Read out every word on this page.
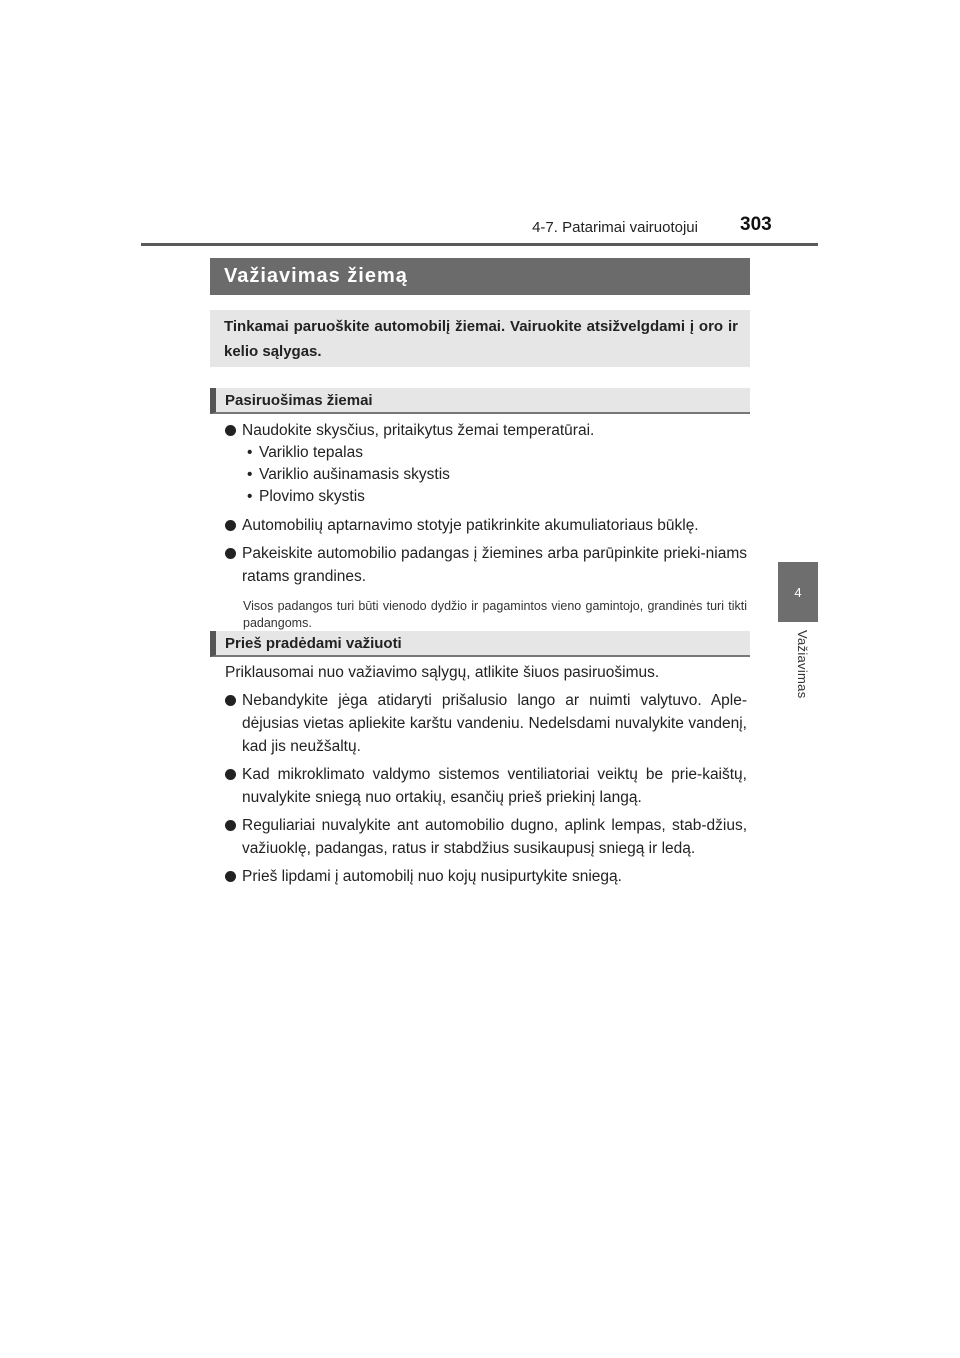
4-7. Patarimai vairuotojui 303
4
Važiavimas
Važiavimas žiemą
Tinkamai paruoškite automobilį žiemai. Vairuokite atsižvelgdami į oro ir kelio sąlygas.
Pasiruošimas žiemai
Naudokite skysčius, pritaikytus žemai temperatūrai.
• Variklio tepalas
• Variklio aušinamasis skystis
• Plovimo skystis
Automobilių aptarnavimo stotyje patikrinkite akumuliatoriaus būklę.
Pakeiskite automobilio padangas į žiemines arba parūpinkite prieki-niams ratams grandines.
Visos padangos turi būti vienodo dydžio ir pagamintos vieno gamintojo, grandinės turi tikti padangoms.
Prieš pradėdami važiuoti
Priklausomai nuo važiavimo sąlygų, atlikite šiuos pasiruošimus.
Nebandykite jėga atidaryti prišalusio lango ar nuimti valytuvo. Aple-dėjusias vietas apliekite karštu vandeniu. Nedelsdami nuvalykite vandenį, kad jis neužšaltų.
Kad mikroklimato valdymo sistemos ventiliatoriai veiktų be prie-kaištų, nuvalykite sniegą nuo ortakių, esančių prieš priekinį langą.
Reguliariai nuvalykite ant automobilio dugno, aplink lempas, stab-džius, važiuoklę, padangas, ratus ir stabdžius susikaupusį sniegą ir ledą.
Prieš lipdami į automobilį nuo kojų nusipurtykite sniegą.
